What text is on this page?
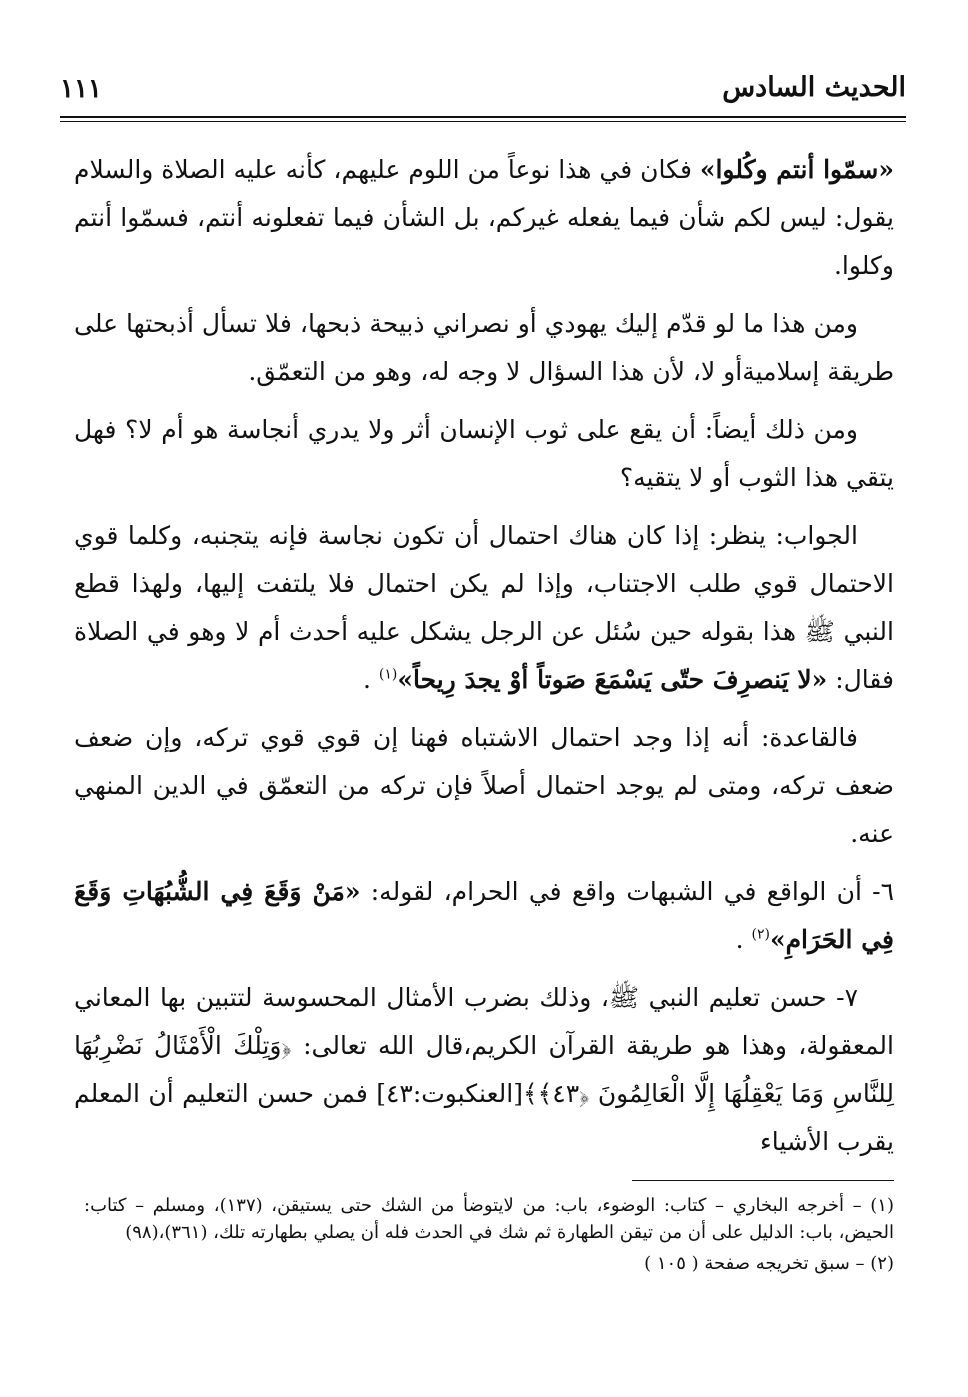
الحديث السادس
١١١

«سمّوا أنتم وكُلوا» فكان في هذا نوعاً من اللوم عليهم، كأنه عليه الصلاة والسلام يقول: ليس لكم شأن فيما يفعله غيركم، بل الشأن فيما تفعلونه أنتم، فسمّوا أنتم وكلوا.

ومن هذا ما لو قدّم إليك يهودي أو نصراني ذبيحة ذبحها، فلا تسأل أذبحتها على طريقة إسلاميةأو لا، لأن هذا السؤال لا وجه له، وهو من التعمّق.

ومن ذلك أيضاً: أن يقع على ثوب الإنسان أثر ولا يدري أنجاسة هو أم لا؟ فهل يتقي هذا الثوب أو لا يتقيه؟

الجواب: ينظر: إذا كان هناك احتمال أن تكون نجاسة فإنه يتجنبه، وكلما قوي الاحتمال قوي طلب الاجتناب، وإذا لم يكن احتمال فلا يلتفت إليها، ولهذا قطع النبي ﷺ هذا بقوله حين سُئل عن الرجل يشكل عليه أحدث أم لا وهو في الصلاة فقال: «لا يَنصرِفَ حتّى يَسْمَعَ صَوتاً أوْ يجدَ رِيحاً»$^{(١)}$ .

فالقاعدة: أنه إذا وجد احتمال الاشتباه فهنا إن قوي قوي تركه، وإن ضعف ضعف تركه، ومتى لم يوجد احتمال أصلاً فإن تركه من التعمّق في الدين المنهي عنه.

٦- أن الواقع في الشبهات واقع في الحرام، لقوله: «مَنْ وَقَعَ فِي الشُّبُهَاتِ وَقَعَ فِي الحَرَامِ»$^{(٢)}$ .

٧- حسن تعليم النبي ﷺ، وذلك بضرب الأمثال المحسوسة لتتبين بها المعاني المعقولة، وهذا هو طريقة القرآن الكريم،قال الله تعالى: ﴿وَتِلْكَ الْأَمْثَالُ نَضْرِبُهَا لِلنَّاسِ وَمَا يَعْقِلُهَا إِلَّا الْعَالِمُونَ ﴿٤٣﴾﴾[العنكبوت:٤٣] فمن حسن التعليم أن المعلم يقرب الأشياء

(١) – أخرجه البخاري – كتاب: الوضوء، باب: من لايتوضأ من الشك حتى يستيقن، (١٣٧)، ومسلم – كتاب: الحيض، باب: الدليل على أن من تيقن الطهارة ثم شك في الحدث فله أن يصلي بطهارته تلك، (٣٦١)،(٩٨)

(٢) – سبق تخريجه صفحة ( ١٠٥ )
